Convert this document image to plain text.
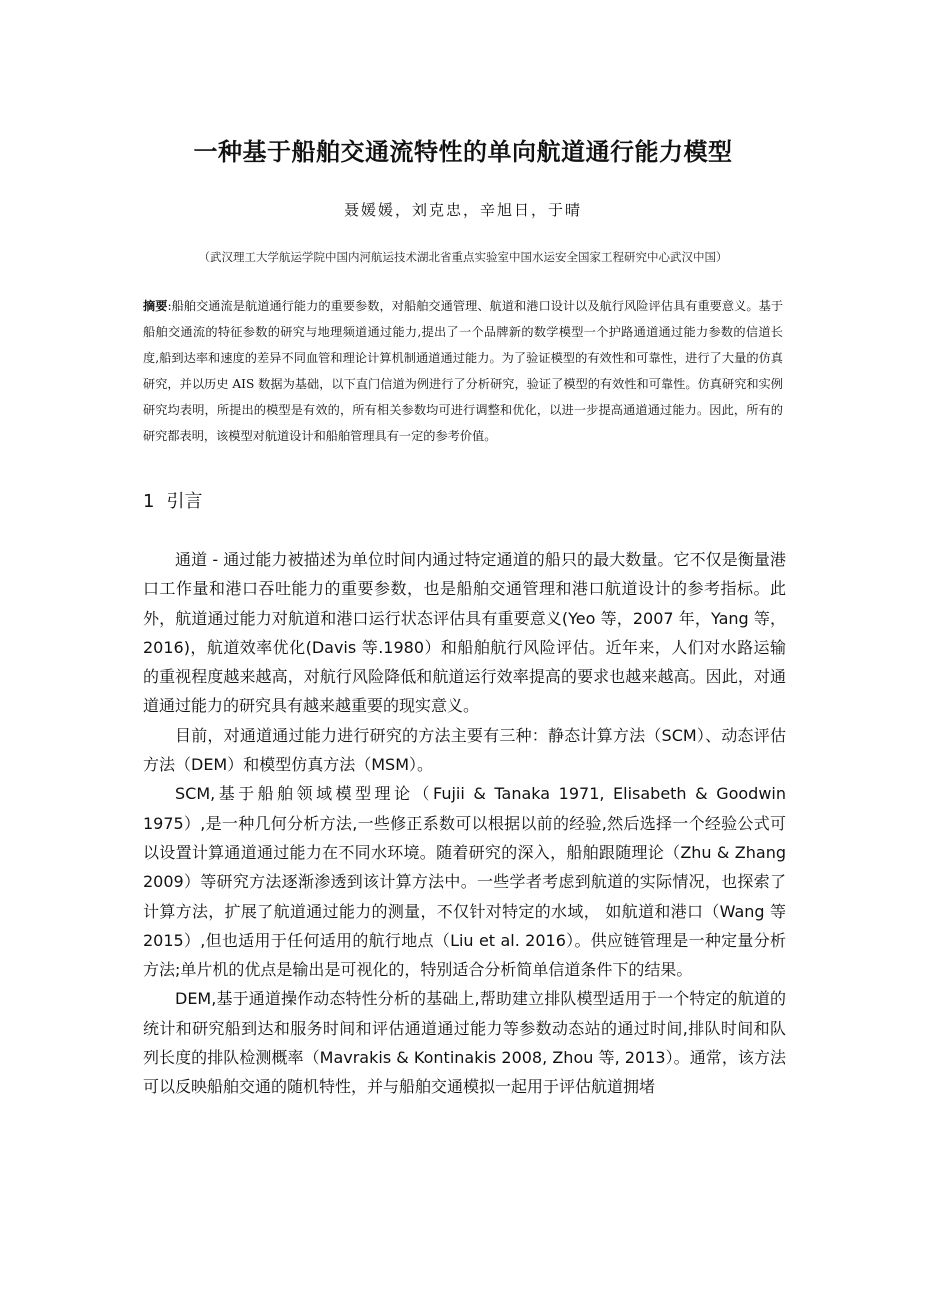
一种基于船舶交通流特性的单向航道通行能力模型
聂媛媛，刘克忠，辛旭日，于晴
（武汉理工大学航运学院中国内河航运技术湖北省重点实验室中国水运安全国家工程研究中心武汉中国）
摘要:船舶交通流是航道通行能力的重要参数，对船舶交通管理、航道和港口设计以及航行风险评估具有重要意义。基于船舶交通流的特征参数的研究与地理频道通过能力,提出了一个品牌新的数学模型一个护路通道通过能力参数的信道长度,船到达率和速度的差异不同血管和理论计算机制通道通过能力。为了验证模型的有效性和可靠性，进行了大量的仿真研究，并以历史 AIS 数据为基础，以下直门信道为例进行了分析研究，验证了模型的有效性和可靠性。仿真研究和实例研究均表明，所提出的模型是有效的，所有相关参数均可进行调整和优化，以进一步提高通道通过能力。因此，所有的研究都表明，该模型对航道设计和船舶管理具有一定的参考价值。
1 引言

通道 - 通过能力被描述为单位时间内通过特定通道的船只的最大数量。它不仅是衡量港口工作量和港口吞吐能力的重要参数，也是船舶交通管理和港口航道设计的参考指标。此外，航道通过能力对航道和港口运行状态评估具有重要意义(Yeo 等，2007 年，Yang 等， 2016)，航道效率优化(Davis 等.1980）和船舶航行风险评估。近年来，人们对水路运输的重视程度越来越高，对航行风险降低和航道运行效率提高的要求也越来越高。因此，对通道通过能力的研究具有越来越重要的现实意义。

目前，对通道通过能力进行研究的方法主要有三种：静态计算方法（SCM）、动态评估方法（DEM）和模型仿真方法（MSM）。

SCM,基于船舶领域模型理论（Fujii & Tanaka 1971, Elisabeth & Goodwin 1975）,是一种几何分析方法,一些修正系数可以根据以前的经验,然后选择一个经验公式可以设置计算通道通过能力在不同水环境。随着研究的深入，船舶跟随理论（Zhu & Zhang 2009）等研究方法逐渐渗透到该计算方法中。一些学者考虑到航道的实际情况，也探索了计算方法，扩展了航道通过能力的测量，不仅针对特定的水域， 如航道和港口（Wang 等 2015）,但也适用于任何适用的航行地点（Liu et al. 2016）。供应链管理是一种定量分析方法;单片机的优点是输出是可视化的，特别适合分析简单信道条件下的结果。

DEM,基于通道操作动态特性分析的基础上,帮助建立排队模型适用于一个特定的航道的统计和研究船到达和服务时间和评估通道通过能力等参数动态站的通过时间,排队时间和队列长度的排队检测概率（Mavrakis & Kontinakis 2008, Zhou 等, 2013）。通常，该方法可以反映船舶交通的随机特性，并与船舶交通模拟一起用于评估航道拥堵
